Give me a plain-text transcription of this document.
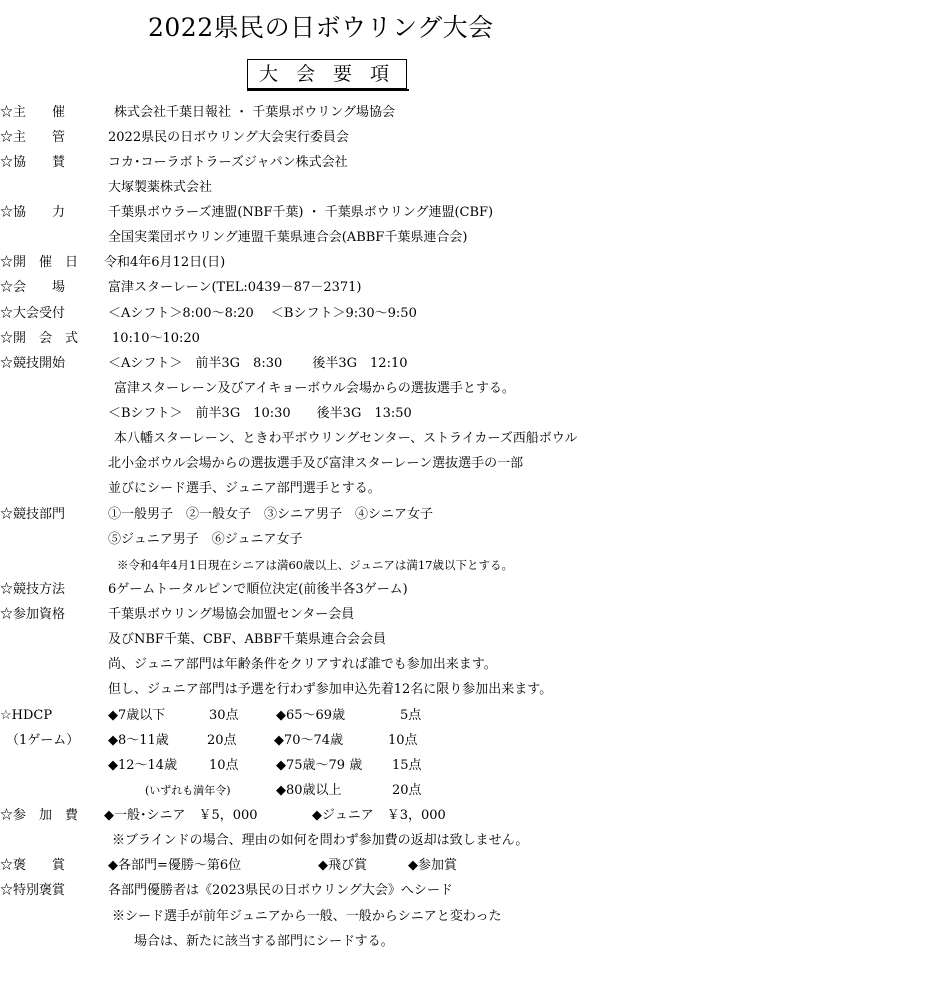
2022県民の日ボウリング大会
大 会 要 項
☆主　　催	株式会社千葉日報社 ・ 千葉県ボウリング場協会
☆主　　管	2022県民の日ボウリング大会実行委員会
☆協　　賛	コカ･コーラボトラーズジャパン株式会社
大塚製薬株式会社
☆協　　力	千葉県ボウラーズ連盟(NBF千葉) ・ 千葉県ボウリング連盟(CBF)
全国実業団ボウリング連盟千葉県連合会(ABBF千葉県連合会)
☆開　催　日 令和4年6月12日(日)
☆会　　場	富津スターレーン(TEL:0439－87－2371)
☆大会受付	＜Aシフト＞8:00～8:20　 ＜Bシフト＞9:30～9:50
☆開　会　式	10:10～10:20
☆競技開始	＜Aシフト＞　前半3G　8:30　　 後半3G　12:10
富津スターレーン及びアイキョーボウル会場からの選抜選手とする。
＜Bシフト＞　前半3G　10:30　　後半3G　13:50
本八幡スターレーン、ときわ平ボウリングセンター、ストライカーズ西船ボウル
北小金ボウル会場からの選抜選手及び富津スターレーン選抜選手の一部
並びにシード選手、ジュニア部門選手とする。
☆競技部門	①一般男子　②一般女子　③シニア男子　④シニア女子
⑤ジュニア男子　⑥ジュニア女子
※令和4年4月1日現在シニアは満60歳以上、ジュニアは満17歳以下とする。
☆競技方法	6ゲームトータルピンで順位決定(前後半各3ゲーム)
☆参加資格	千葉県ボウリング場協会加盟センター会員
及びNBF千葉、CBF、ABBF千葉県連合会会員
尚、ジュニア部門は年齢条件をクリアすれば誰でも参加出来ます。
但し、ジュニア部門は予選を行わず参加申込先着12名に限り参加出来ます。
☆HDCP	◆7歳以下	30点	◆65～69歳	5点
（1ゲーム） ◆8～11歳	20点	◆70～74歳	10点
◆12～14歳 10点	◆75歳～79 歳 15点
(いずれも満年令)	◆80歳以上	20点
☆参　加　費 ◆一般･シニア　￥5，000	◆ジュニア　￥3，000
※ブラインドの場合、理由の如何を問わず参加費の返却は致しません。
☆褒　　賞	◆各部門=優勝～第6位	◆飛び賞	◆参加賞
☆特別褒賞	各部門優勝者は《2023県民の日ボウリング大会》へシード
※シード選手が前年ジュニアから一般、一般からシニアと変わった
場合は、新たに該当する部門にシードする。
